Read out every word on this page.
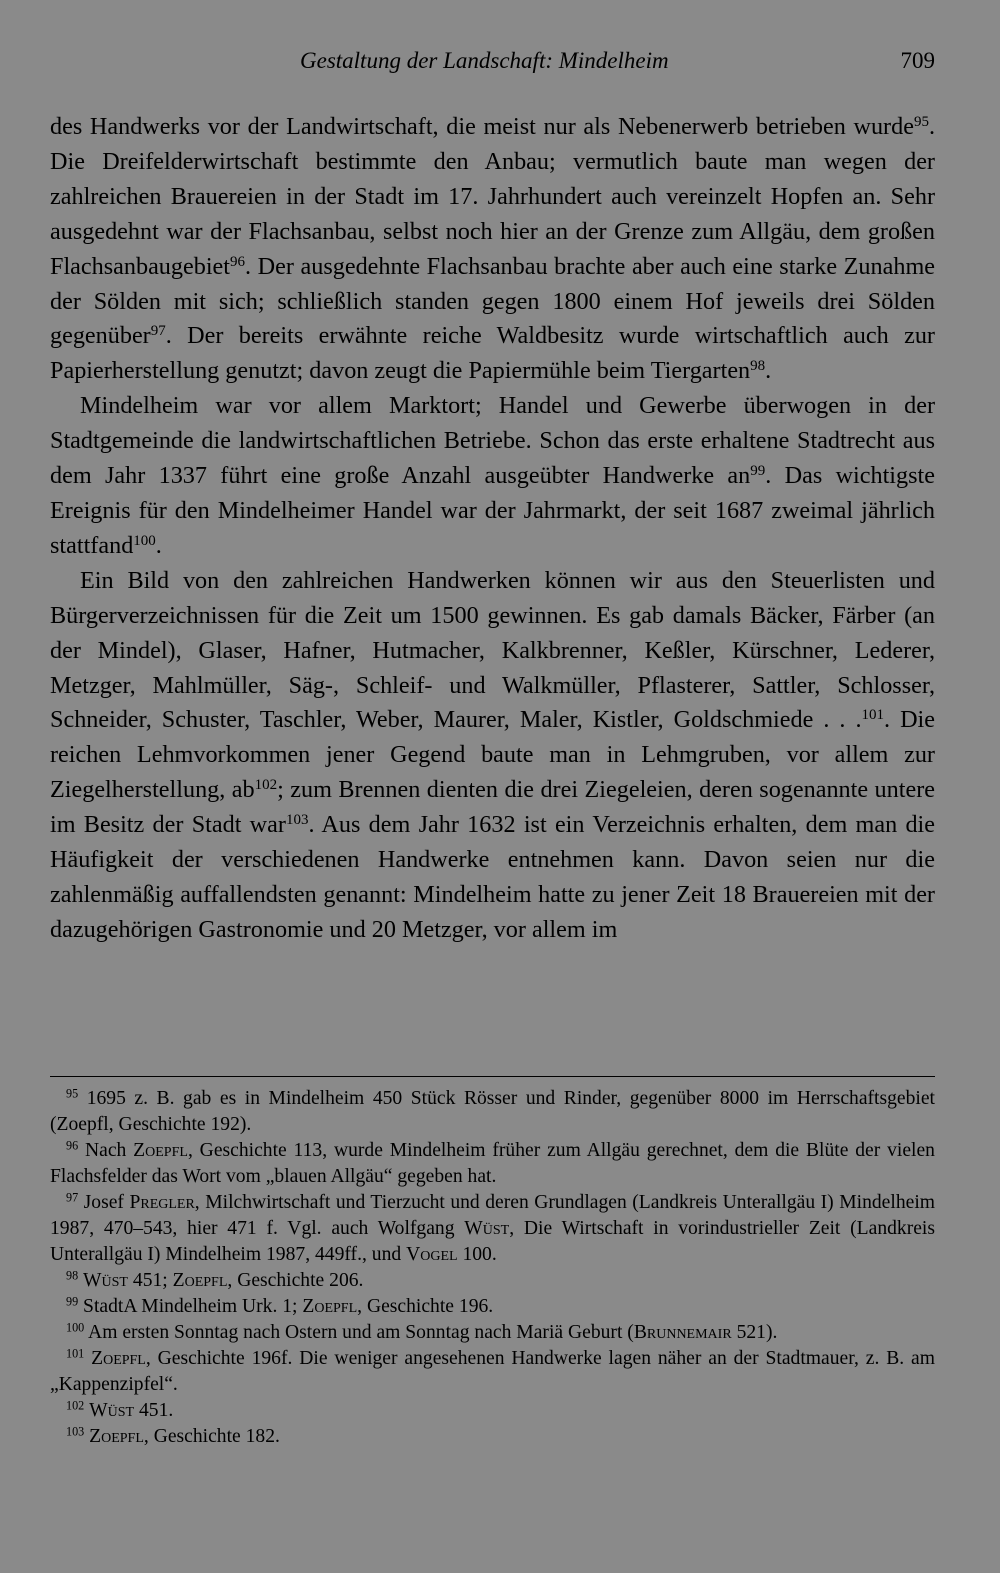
Gestaltung der Landschaft: Mindelheim	709

des Handwerks vor der Landwirtschaft, die meist nur als Nebenerwerb betrieben wurde$^{95}$. Die Dreifelderwirtschaft bestimmte den Anbau; vermutlich baute man wegen der zahlreichen Brauereien in der Stadt im 17. Jahrhundert auch vereinzelt Hopfen an. Sehr ausgedehnt war der Flachsanbau, selbst noch hier an der Grenze zum Allgäu, dem großen Flachsanbaugebiet$^{96}$. Der ausgedehnte Flachsanbau brachte aber auch eine starke Zunahme der Sölden mit sich; schließlich standen gegen 1800 einem Hof jeweils drei Sölden gegenüber$^{97}$. Der bereits erwähnte reiche Waldbesitz wurde wirtschaftlich auch zur Papierherstellung genutzt; davon zeugt die Papiermühle beim Tiergarten$^{98}$.

Mindelheim war vor allem Marktort; Handel und Gewerbe überwogen in der Stadtgemeinde die landwirtschaftlichen Betriebe. Schon das erste erhaltene Stadtrecht aus dem Jahr 1337 führt eine große Anzahl ausgeübter Handwerke $an^{99}$. Das wichtigste Ereignis für den Mindelheimer Handel war der Jahrmarkt, der seit 1687 zweimal jährlich stattfand$^{100}$.

Ein Bild von den zahlreichen Handwerken können wir aus den Steuerlisten und Bürgerverzeichnissen für die Zeit um 1500 gewinnen. Es gab damals Bäcker, Färber (an der Mindel), Glaser, Hafner, Hutmacher, Kalkbrenner, Keßler, Kürschner, Lederer, Metzger, Mahlmüller, Säg-, Schleif- und Walkmüller, Pflasterer, Sattler, Schlosser, Schneider, Schuster, Taschler, Weber, Maurer, Maler, Kistler, Goldschmiede . . .$^{101}$. Die reichen Lehmvorkommen jener Gegend baute man in Lehmgruben, vor allem zur Ziegelherstellung, $ab^{102}$; zum Brennen dienten die drei Ziegeleien, deren sogenannte untere im Besitz der Stadt war$^{103}$. Aus dem Jahr 1632 ist ein Verzeichnis erhalten, dem man die Häufigkeit der verschiedenen Handwerke entnehmen kann. Davon seien nur die zahlenmäßig auffallendsten genannt: Mindelheim hatte zu jener Zeit 18 Brauereien mit der dazugehörigen Gastronomie und 20 Metzger, vor allem im

$^{95}$ 1695 z. B. gab es in Mindelheim 450 Stück Rösser und Rinder, gegenüber 8000 im Herrschaftsgebiet (Zoepfl, Geschichte 192).

$^{96}$ Nach Zoepfl, Geschichte 113, wurde Mindelheim früher zum Allgäu gerechnet, dem die Blüte der vielen Flachsfelder das Wort vom „blauen Allgäu“ gegeben hat.

$^{97}$ Josef Pregler, Milchwirtschaft und Tierzucht und deren Grundlagen (Landkreis Unterallgäu I) Mindelheim 1987, 470–543, hier 471 f. Vgl. auch Wolfgang Wüst, Die Wirtschaft in vorindustrieller Zeit (Landkreis Unterallgäu I) Mindelheim 1987, 449ff., und Vogel 100.

$^{98}$ Wüst 451; Zoepfl, Geschichte 206.

$^{99}$ StadtA Mindelheim Urk. 1; Zoepfl, Geschichte 196.

$^{100}$ Am ersten Sonntag nach Ostern und am Sonntag nach Mariä Geburt (Brunnemair 521).

$^{101}$ Zoepfl, Geschichte 196f. Die weniger angesehenen Handwerke lagen näher an der Stadtmauer, z. B. am „Kappenzipfel“.

$^{102}$ Wüst 451.

$^{103}$ Zoepfl, Geschichte 182.
